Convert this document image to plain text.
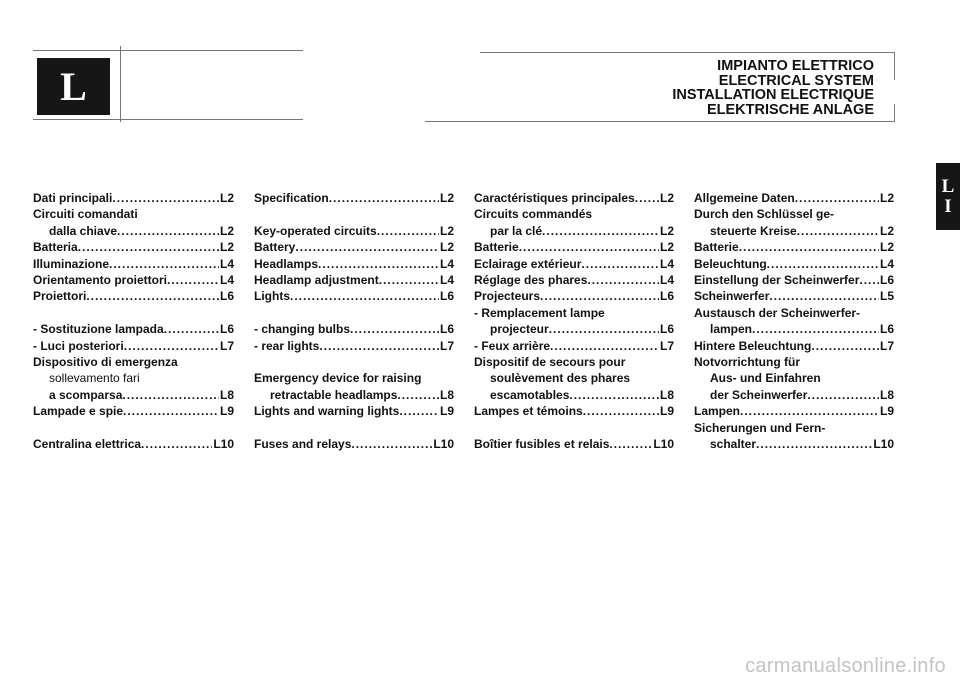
L	IMPIANTO ELETTRICO
ELECTRICAL SYSTEM
INSTALLATION ELECTRIQUE
ELEKTRISCHE ANLAGE
L
I
Dati principali .....	L2
Circuiti comandati
dalla chiave .....	L2
Batteria .....	L2
Illuminazione .....	L4
Orientamento proiettori .....	L4
Proiettori .....	L6
- Sostituzione lampada .....	L6
- Luci posteriori .....	L7
Dispositivo di emergenza
sollevamento fari
a scomparsa .....	L8
Lampade e spie .....	L9
Centralina elettrica .....	L10
Specification .....	L2
Key-operated circuits .....	L2
Battery .....	L2
Headlamps .....	L4
Headlamp adjustment .....	L4
Lights .....	L6
- changing bulbs .....	L6
- rear lights .....	L7
Emergency device for raising
retractable headlamps .....	L8
Lights and warning lights .....	L9
Fuses and relays .....	L10
Caractéristiques principales ..... L2
Circuits commandés
par la clé .....	L2
Batterie .....	L2
Eclairage extérieur .....	L4
Réglage des phares .....	L4
Projecteurs .....	L6
- Remplacement lampe
projecteur .....	L6
- Feux arrière .....	L7
Dispositif de secours pour
soulèvement des phares
escamotables .....	L8
Lampes et témoins .....	L9
Boîtier fusibles et relais .....	L10
Allgemeine Daten .....	L2
Durch den Schlüssel ge-
steuerte Kreise .....	L2
Batterie .....	L2
Beleuchtung .....	L4
Einstellung der Scheinwerfer ..... L6
Scheinwerfer .....	L5
Austausch der Scheinwerfer-
lampen .....	L6
Hintere Beleuchtung .....	L7
Notvorrichtung für
Aus- und Einfahren
der Scheinwerfer .....	L8
Lampen .....	L9
Sicherungen und Fern-
schalter .....	L10
carmanualsonline.info
